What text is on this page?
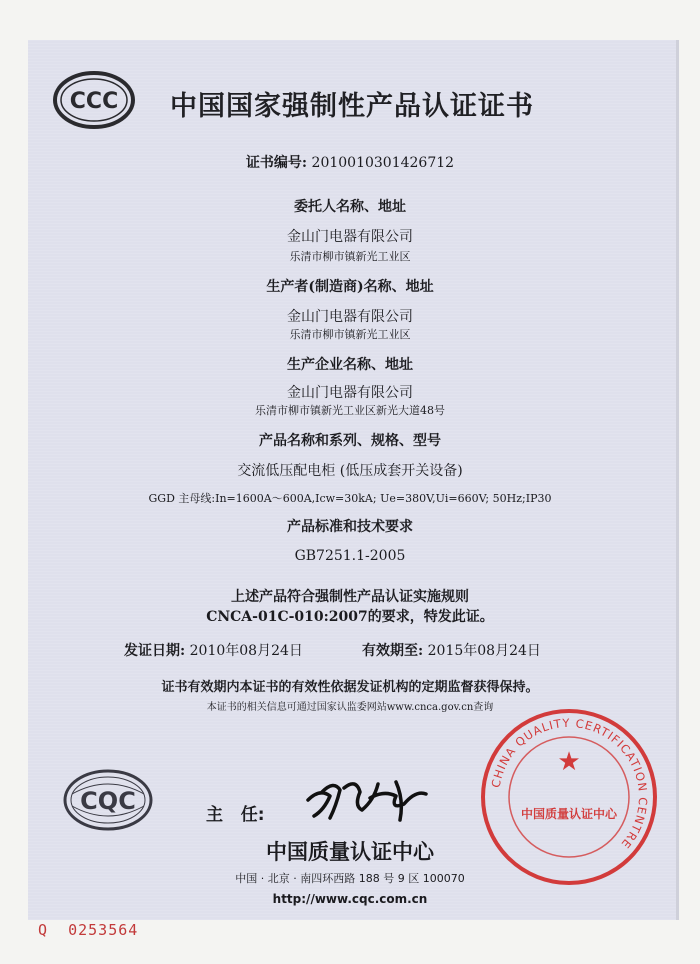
CCC 中国国家强制性产品认证证书
证书编号: 2010010301426712
委托人名称、地址
金山门电器有限公司
乐清市柳市镇新光工业区
生产者(制造商)名称、地址
金山门电器有限公司
乐清市柳市镇新光工业区
生产企业名称、地址
金山门电器有限公司
乐清市柳市镇新光工业区新光大道48号
产品名称和系列、规格、型号
交流低压配电柜 (低压成套开关设备)
GGD 主母线:In=1600A～600A,Icw=30kA; Ue=380V,Ui=660V; 50Hz;IP30
产品标准和技术要求
GB7251.1-2005
上述产品符合强制性产品认证实施规则
CNCA-01C-010:2007的要求，特发此证。
发证日期: 2010年08月24日	有效期至: 2015年08月24日
证书有效期内本证书的有效性依据发证机构的定期监督获得保持。
本证书的相关信息可通过国家认监委网站www.cnca.gov.cn查询
CQC	主   任:
中国质量认证中心
中国 · 北京 · 南四环西路 188 号 9 区 100070
http://www.cqc.com.cn
CHINA QUALITY CERTIFICATION CENTRE
★
中国质量认证中心
Q  0253564
